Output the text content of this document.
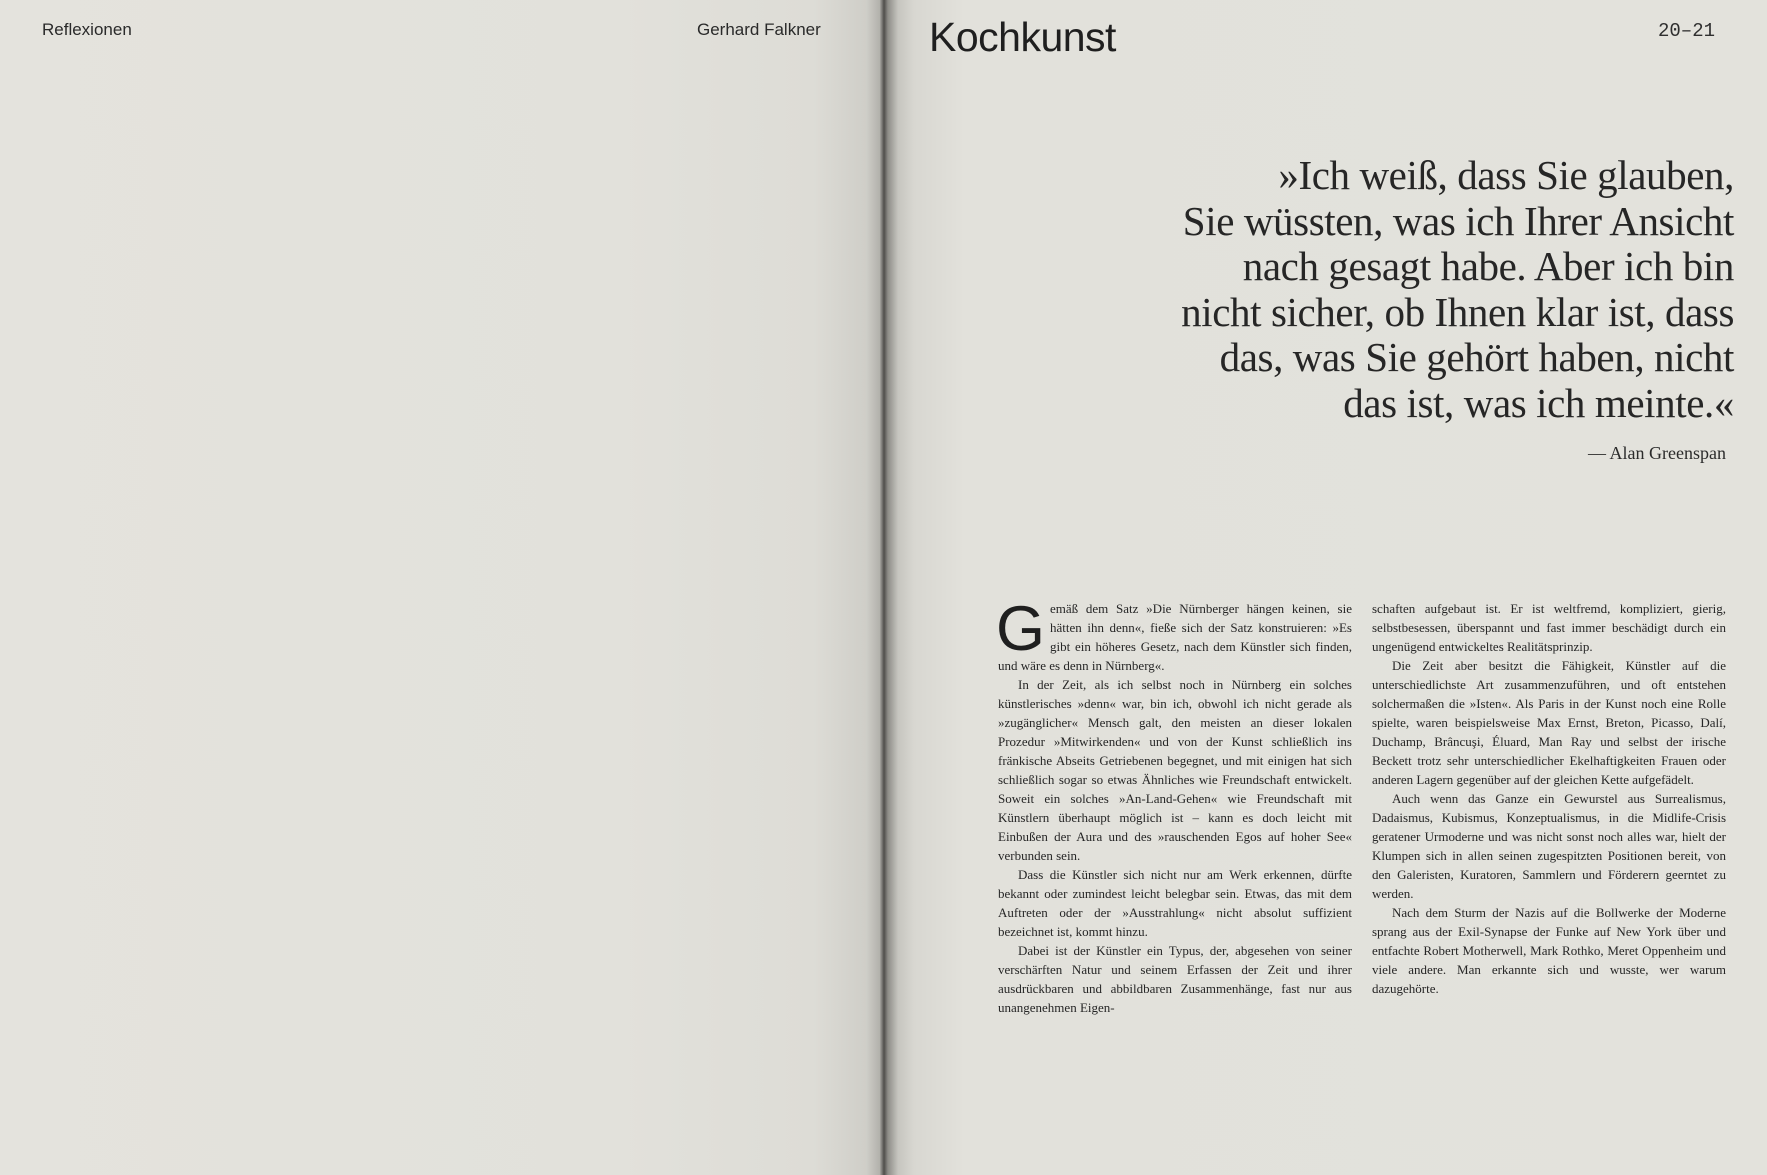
Reflexionen	Gerhard Falkner	Kochkunst	20–21
»Ich weiß, dass Sie glauben,
Sie wüssten, was ich Ihrer Ansicht
nach gesagt habe. Aber ich bin
nicht sicher, ob Ihnen klar ist, dass
das, was Sie gehört haben, nicht
das ist, was ich meinte.«
— Alan Greenspan

Gemäß dem Satz »Die Nürnberger hängen keinen, sie hätten ihn denn«, fieße sich der Satz konstruieren: »Es gibt ein höheres Gesetz, nach dem Künstler sich finden, und wäre es denn in Nürnberg«.

In der Zeit, als ich selbst noch in Nürnberg ein solches künstlerisches »denn« war, bin ich, obwohl ich nicht gerade als »zugänglicher« Mensch galt, den meisten an dieser lokalen Prozedur »Mitwirkenden« und von der Kunst schließlich ins fränkische Abseits Getriebenen begegnet, und mit einigen hat sich schließlich sogar so etwas Ähnliches wie Freundschaft entwickelt. Soweit ein solches »An-Land-Gehen« wie Freundschaft mit Künstlern überhaupt möglich ist – kann es doch leicht mit Einbußen der Aura und des »rauschenden Egos auf hoher See« verbunden sein.

Dass die Künstler sich nicht nur am Werk erkennen, dürfte bekannt oder zumindest leicht belegbar sein. Etwas, das mit dem Auftreten oder der »Ausstrahlung« nicht absolut suffizient bezeichnet ist, kommt hinzu.

Dabei ist der Künstler ein Typus, der, abgesehen von seiner verschärften Natur und seinem Erfassen der Zeit und ihrer ausdrückbaren und abbildbaren Zusammenhänge, fast nur aus unangenehmen Eigen-

schaften aufgebaut ist. Er ist weltfremd, kompliziert, gierig, selbstbesessen, überspannt und fast immer beschädigt durch ein ungenügend entwickeltes Realitätsprinzip.

Die Zeit aber besitzt die Fähigkeit, Künstler auf die unterschiedlichste Art zusammenzuführen, und oft entstehen solchermaßen die »Isten«. Als Paris in der Kunst noch eine Rolle spielte, waren beispielsweise Max Ernst, Breton, Picasso, Dalí, Duchamp, Brâncuşi, Éluard, Man Ray und selbst der irische Beckett trotz sehr unterschiedlicher Ekelhaftigkeiten Frauen oder anderen Lagern gegenüber auf der gleichen Kette aufgefädelt.

Auch wenn das Ganze ein Gewurstel aus Surrealismus, Dadaismus, Kubismus, Konzeptualismus, in die Midlife-Crisis geratener Urmoderne und was nicht sonst noch alles war, hielt der Klumpen sich in allen seinen zugespitzten Positionen bereit, von den Galeristen, Kuratoren, Sammlern und Förderern geerntet zu werden.

Nach dem Sturm der Nazis auf die Bollwerke der Moderne sprang aus der Exil-Synapse der Funke auf New York über und entfachte Robert Motherwell, Mark Rothko, Meret Oppenheim und viele andere. Man erkannte sich und wusste, wer warum dazugehörte.
